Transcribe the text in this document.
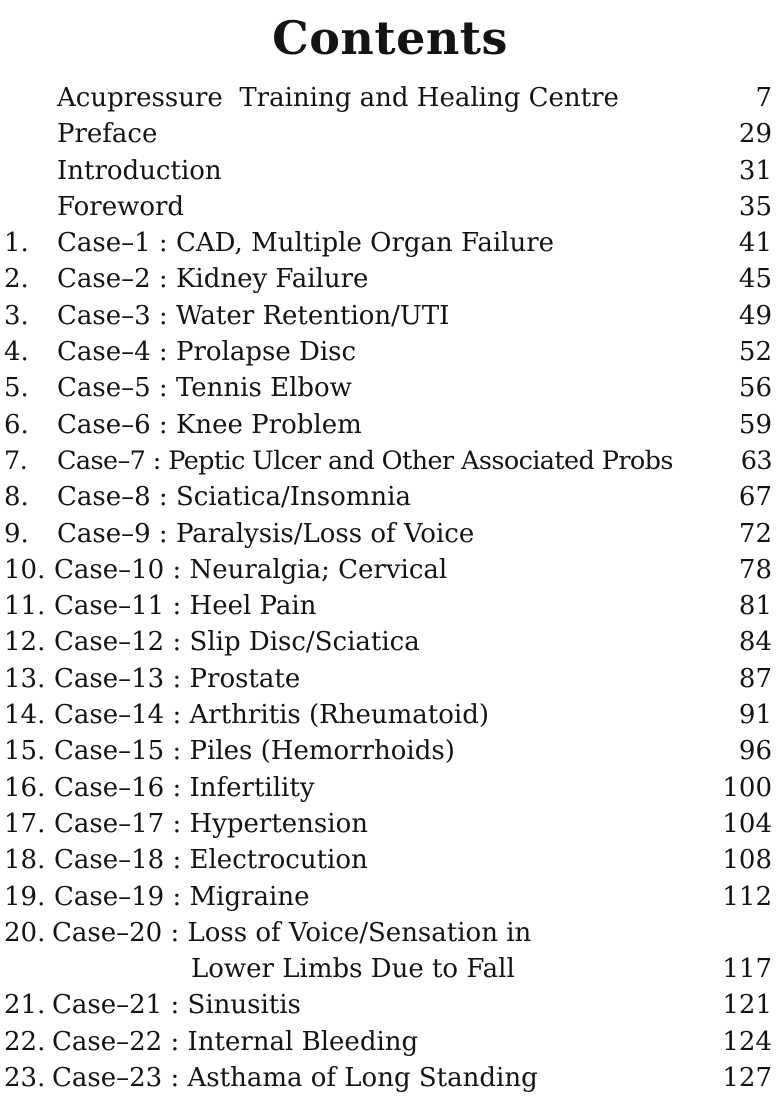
Contents
Acupressure  Training and Healing Centre	7
Preface	29
Introduction	31
Foreword	35
1. Case–1 : CAD, Multiple Organ Failure	41
2. Case–2 : Kidney Failure	45
3. Case–3 : Water Retention/UTI	49
4. Case–4 : Prolapse Disc	52
5. Case–5 : Tennis Elbow	56
6. Case–6 : Knee Problem	59
7. Case–7 : Peptic Ulcer and Other Associated Probs	63
8. Case–8 : Sciatica/Insomnia	67
9. Case–9 : Paralysis/Loss of Voice	72
10. Case–10 : Neuralgia; Cervical	78
11. Case–11 : Heel Pain	81
12. Case–12 : Slip Disc/Sciatica	84
13. Case–13 : Prostate	87
14. Case–14 : Arthritis (Rheumatoid)	91
15. Case–15 : Piles (Hemorrhoids)	96
16. Case–16 : Infertility	100
17. Case–17 : Hypertension	104
18. Case–18 : Electrocution	108
19. Case–19 : Migraine	112
20. Case–20 : Loss of Voice/Sensation in
Lower Limbs Due to Fall	117
21. Case–21 : Sinusitis	121
22. Case–22 : Internal Bleeding	124
23. Case–23 : Asthama of Long Standing	127
